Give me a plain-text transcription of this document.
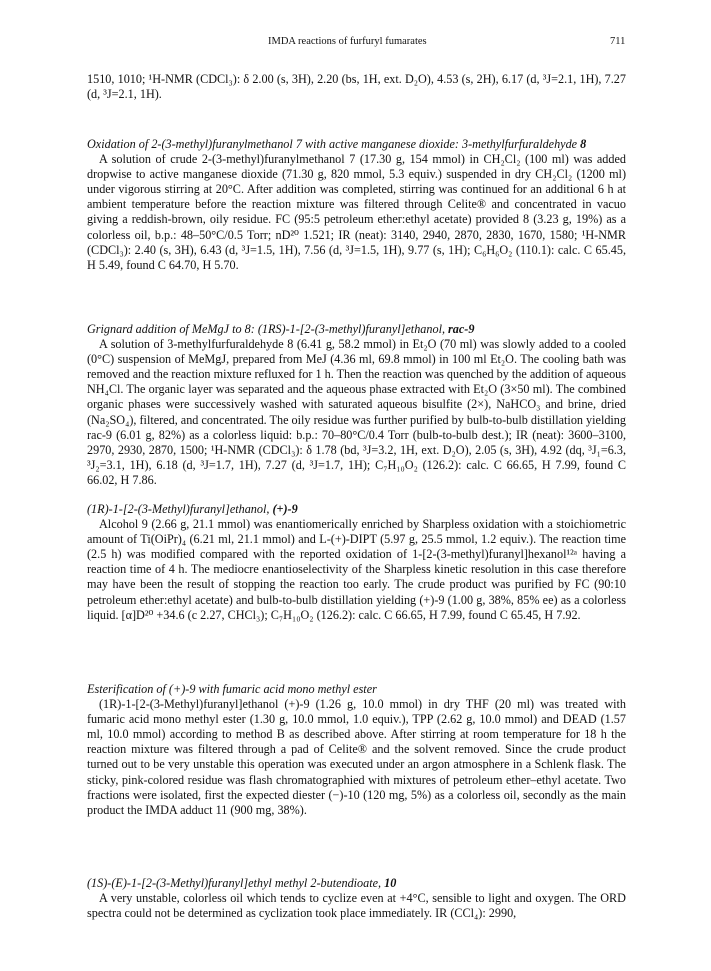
IMDA reactions of furfuryl fumarates	711

1510, 1010; ¹H-NMR (CDCl₃): δ 2.00 (s, 3H), 2.20 (bs, 1H, ext. D₂O), 4.53 (s, 2H), 6.17 (d, ³J=2.1, 1H), 7.27 (d, ³J=2.1, 1H).

Oxidation of 2-(3-methyl)furanylmethanol 7 with active manganese dioxide: 3-methylfurfuraldehyde 8

A solution of crude 2-(3-methyl)furanylmethanol 7 (17.30 g, 154 mmol) in CH₂Cl₂ (100 ml) was added dropwise to active manganese dioxide (71.30 g, 820 mmol, 5.3 equiv.) suspended in dry CH₂Cl₂ (1200 ml) under vigorous stirring at 20°C. After addition was completed, stirring was continued for an additional 6 h at ambient temperature before the reaction mixture was filtered through Celite® and concentrated in vacuo giving a reddish-brown, oily residue. FC (95:5 petroleum ether:ethyl acetate) provided 8 (3.23 g, 19%) as a colorless oil, b.p.: 48–50°C/0.5 Torr; nD²⁰ 1.521; IR (neat): 3140, 2940, 2870, 2830, 1670, 1580; ¹H-NMR (CDCl₃): 2.40 (s, 3H), 6.43 (d, ³J=1.5, 1H), 7.56 (d, ³J=1.5, 1H), 9.77 (s, 1H); C₆H₆O₂ (110.1): calc. C 65.45, H 5.49, found C 64.70, H 5.70.

Grignard addition of MeMgJ to 8: (1RS)-1-[2-(3-methyl)furanyl]ethanol, rac-9

A solution of 3-methylfurfuraldehyde 8 (6.41 g, 58.2 mmol) in Et₂O (70 ml) was slowly added to a cooled (0°C) suspension of MeMgJ, prepared from MeJ (4.36 ml, 69.8 mmol) in 100 ml Et₂O. The cooling bath was removed and the reaction mixture refluxed for 1 h. Then the reaction was quenched by the addition of aqueous NH₄Cl. The organic layer was separated and the aqueous phase extracted with Et₂O (3×50 ml). The combined organic phases were successively washed with saturated aqueous bisulfite (2×), NaHCO₃ and brine, dried (Na₂SO₄), filtered, and concentrated. The oily residue was further purified by bulb-to-bulb distillation yielding rac-9 (6.01 g, 82%) as a colorless liquid: b.p.: 70–80°C/0.4 Torr (bulb-to-bulb dest.); IR (neat): 3600–3100, 2970, 2930, 2870, 1500; ¹H-NMR (CDCl₃): δ 1.78 (bd, ³J=3.2, 1H, ext. D₂O), 2.05 (s, 3H), 4.92 (dq, ³J₁=6.3, ³J₂=3.1, 1H), 6.18 (d, ³J=1.7, 1H), 7.27 (d, ³J=1.7, 1H); C₇H₁₀O₂ (126.2): calc. C 66.65, H 7.99, found C 66.02, H 7.86.

(1R)-1-[2-(3-Methyl)furanyl]ethanol, (+)-9

Alcohol 9 (2.66 g, 21.1 mmol) was enantiomerically enriched by Sharpless oxidation with a stoichiometric amount of Ti(OiPr)₄ (6.21 ml, 21.1 mmol) and L-(+)-DIPT (5.97 g, 25.5 mmol, 1.2 equiv.). The reaction time (2.5 h) was modified compared with the reported oxidation of 1-[2-(3-methyl)furanyl]hexanol¹²ᵃ having a reaction time of 4 h. The mediocre enantioselectivity of the Sharpless kinetic resolution in this case therefore may have been the result of stopping the reaction too early. The crude product was purified by FC (90:10 petroleum ether:ethyl acetate) and bulb-to-bulb distillation yielding (+)-9 (1.00 g, 38%, 85% ee) as a colorless liquid. [α]D²⁰ +34.6 (c 2.27, CHCl₃); C₇H₁₀O₂ (126.2): calc. C 66.65, H 7.99, found C 65.45, H 7.92.

Esterification of (+)-9 with fumaric acid mono methyl ester

(1R)-1-[2-(3-Methyl)furanyl]ethanol (+)-9 (1.26 g, 10.0 mmol) in dry THF (20 ml) was treated with fumaric acid mono methyl ester (1.30 g, 10.0 mmol, 1.0 equiv.), TPP (2.62 g, 10.0 mmol) and DEAD (1.57 ml, 10.0 mmol) according to method B as described above. After stirring at room temperature for 18 h the reaction mixture was filtered through a pad of Celite® and the solvent removed. Since the crude product turned out to be very unstable this operation was executed under an argon atmosphere in a Schlenk flask. The sticky, pink-colored residue was flash chromatographied with mixtures of petroleum ether–ethyl acetate. Two fractions were isolated, first the expected diester (−)-10 (120 mg, 5%) as a colorless oil, secondly as the main product the IMDA adduct 11 (900 mg, 38%).

(1S)-(E)-1-[2-(3-Methyl)furanyl]ethyl methyl 2-butendioate, 10

A very unstable, colorless oil which tends to cyclize even at +4°C, sensible to light and oxygen. The ORD spectra could not be determined as cyclization took place immediately. IR (CCl₄): 2990,
